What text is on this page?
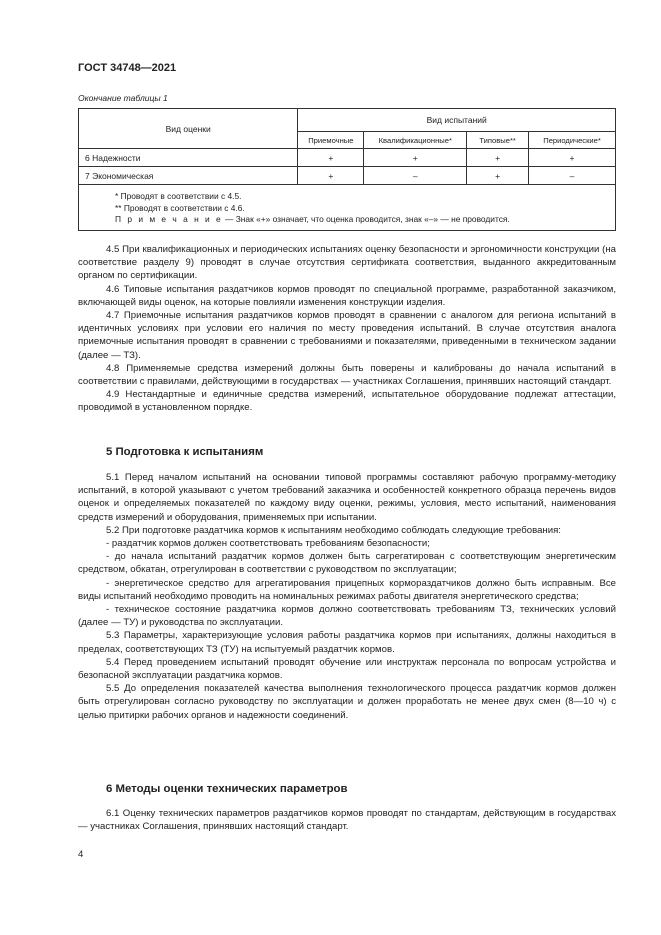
ГОСТ 34748—2021
Окончание таблицы 1
Вид оценки	Вид испытаний			
	Приемочные	Квалификационные*	Типовые**	Периодические*
6 Надежности	+	+	+	+
7 Экономическая	+	–	+	–

* Проводят в соответствии с 4.5.
** Проводят в соответствии с 4.6.
П р и м е ч а н и е — Знак «+» означает, что оценка проводится, знак «–» — не проводится.				

4.5 При квалификационных и периодических испытаниях оценку безопасности и эргономичности конструкции (на соответствие разделу 9) проводят в случае отсутствия сертификата соответствия, выданного аккредитованным органом по сертификации.

4.6 Типовые испытания раздатчиков кормов проводят по специальной программе, разработанной заказчиком, включающей виды оценок, на которые повлияли изменения конструкции изделия.

4.7 Приемочные испытания раздатчиков кормов проводят в сравнении с аналогом для региона испытаний в идентичных условиях при условии его наличия по месту проведения испытаний. В случае отсутствия аналога приемочные испытания проводят в сравнении с требованиями и показателями, приведенными в техническом задании (далее — ТЗ).

4.8 Применяемые средства измерений должны быть поверены и калиброваны до начала испытаний в соответствии с правилами, действующими в государствах — участниках Соглашения, принявших настоящий стандарт.

4.9 Нестандартные и единичные средства измерений, испытательное оборудование подлежат аттестации, проводимой в установленном порядке.

5 Подготовка к испытаниям

5.1 Перед началом испытаний на основании типовой программы составляют рабочую программу-методику испытаний, в которой указывают с учетом требований заказчика и особенностей конкретного образца перечень видов оценок и определяемых показателей по каждому виду оценки, режимы, условия, место испытаний, наименования средств измерений и оборудования, применяемых при испытании.

5.2 При подготовке раздатчика кормов к испытаниям необходимо соблюдать следующие требования:

- раздатчик кормов должен соответствовать требованиям безопасности;

- до начала испытаний раздатчик кормов должен быть сагрегатирован с соответствующим энергетическим средством, обкатан, отрегулирован в соответствии с руководством по эксплуатации;

- энергетическое средство для агрегатирования прицепных кормораздатчиков должно быть исправным. Все виды испытаний необходимо проводить на номинальных режимах работы двигателя энергетического средства;

- техническое состояние раздатчика кормов должно соответствовать требованиям ТЗ, технических условий (далее — ТУ) и руководства по эксплуатации.

5.3 Параметры, характеризующие условия работы раздатчика кормов при испытаниях, должны находиться в пределах, соответствующих ТЗ (ТУ) на испытуемый раздатчик кормов.

5.4 Перед проведением испытаний проводят обучение или инструктаж персонала по вопросам устройства и безопасной эксплуатации раздатчика кормов.

5.5 До определения показателей качества выполнения технологического процесса раздатчик кормов должен быть отрегулирован согласно руководству по эксплуатации и должен проработать не менее двух смен (8—10 ч) с целью притирки рабочих органов и надежности соединений.

6 Методы оценки технических параметров

6.1 Оценку технических параметров раздатчиков кормов проводят по стандартам, действующим в государствах — участниках Соглашения, принявших настоящий стандарт.

4
